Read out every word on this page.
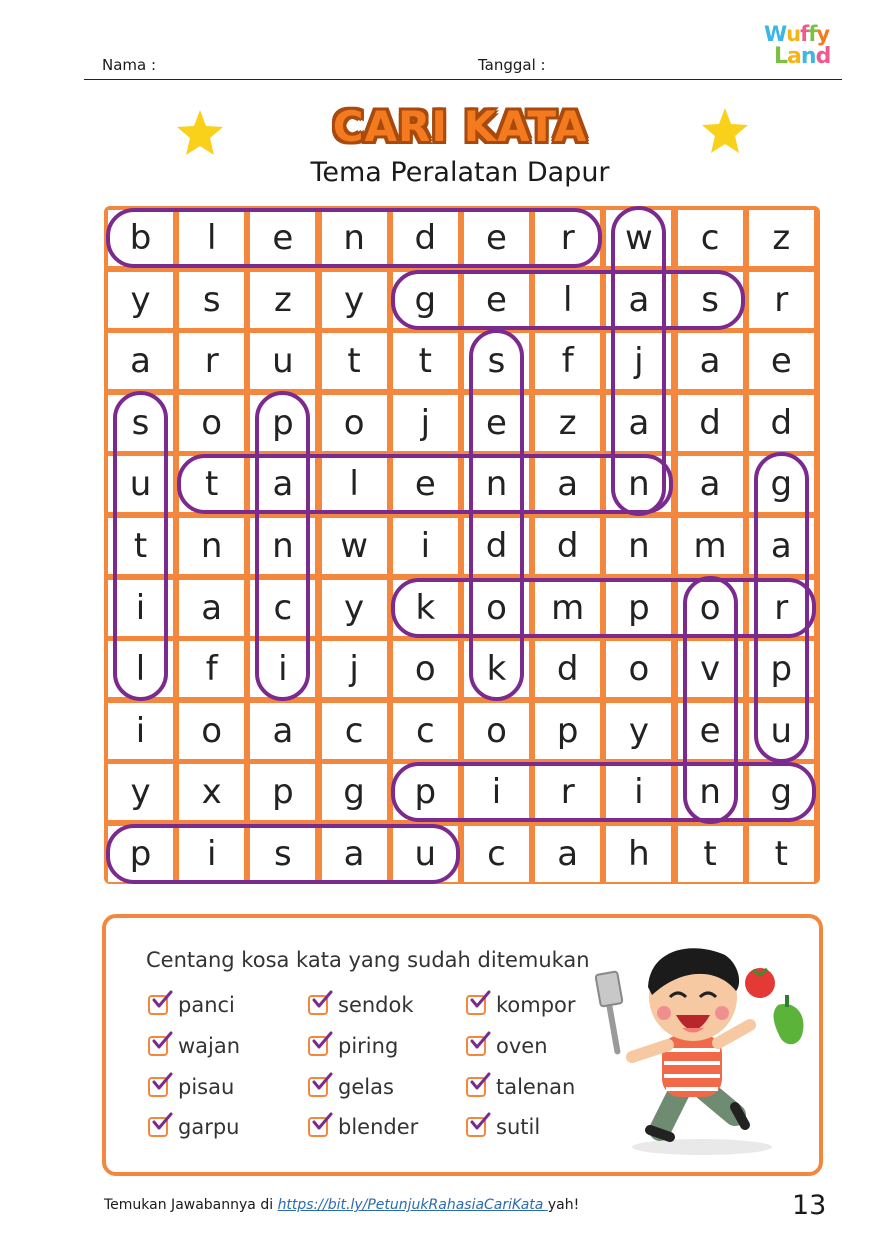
Nama :	Tanggal :
Wuffy
Land
CARI KATA
Tema Peralatan Dapur
b l e n d e r w c z
y s z y g e l a s r
a r u t t s f j a e
s o p o j e z a d d
u t a l e n a n a g
t n n w i d d n m a
i a c y k o m p o r
l f i j o k d o v p
i o a c c o p y e u
y x p g p i r i n g
p i s a u c a h t t
Centang kosa kata yang sudah ditemukan
panci
wajan
pisau
garpu
sendok
piring
gelas
blender
kompor
oven
talenan
sutil
Temukan Jawabannya di https://bit.ly/PetunjukRahasiaCariKata yah!	13
